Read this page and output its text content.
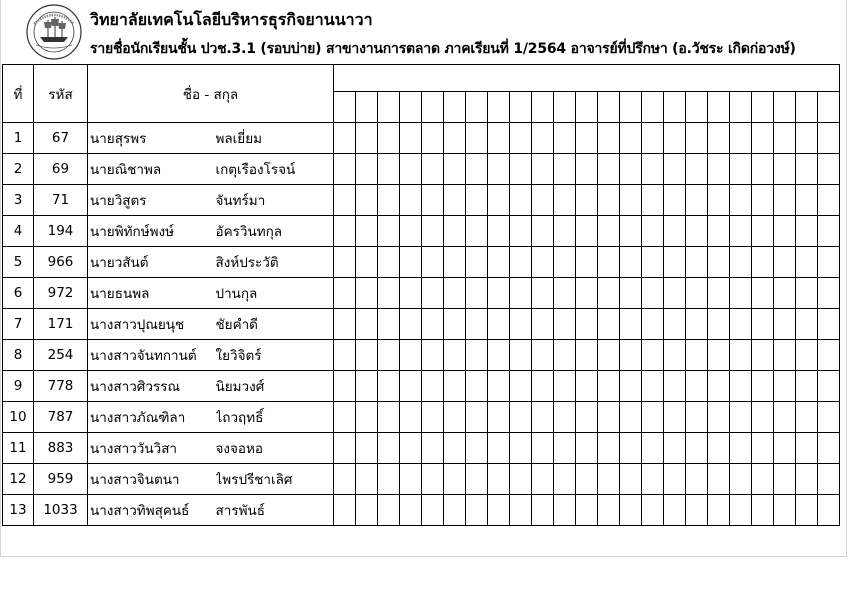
วิทยาลัยเทคโนโลยีบริหารธุรกิจยานนาวา
รายชื่อนักเรียนชั้น ปวช.3.1 (รอบบ่าย) สาขางานการตลาด ภาคเรียนที่ 1/2564 อาจารย์ที่ปรึกษา (อ.วัชระ เกิดก่อวงษ์)
ที่	รหัส	ชื่อ - สกุล																								

1	67	นายสุรพร	พลเยี่ยม																							
2	69	นายณิชาพล	เกตุเรืองโรจน์																							
3	71	นายวิสูตร	จันทร์มา																							
4	194	นายพิทักษ์พงษ์	อัครวินทกุล																							
5	966	นายวสันต์	สิงห์ประวัติ																							
6	972	นายธนพล	ปานกุล																							
7	171	นางสาวปุณยนุช	ชัยคำดี																							
8	254	นางสาวจันทกานต์	ใยวิจิตร์																							
9	778	นางสาวศิวรรณ	นิยมวงศ์																							
10	787	นางสาวภัณฑิลา	ไถวฤทธิ์																							
11	883	นางสาววันวิสา	จงจอหอ																							
12	959	นางสาวจินตนา	ไพรปรีชาเลิศ																							
13	1033	นางสาวทิพสุคนธ์	สารพันธ์																							
